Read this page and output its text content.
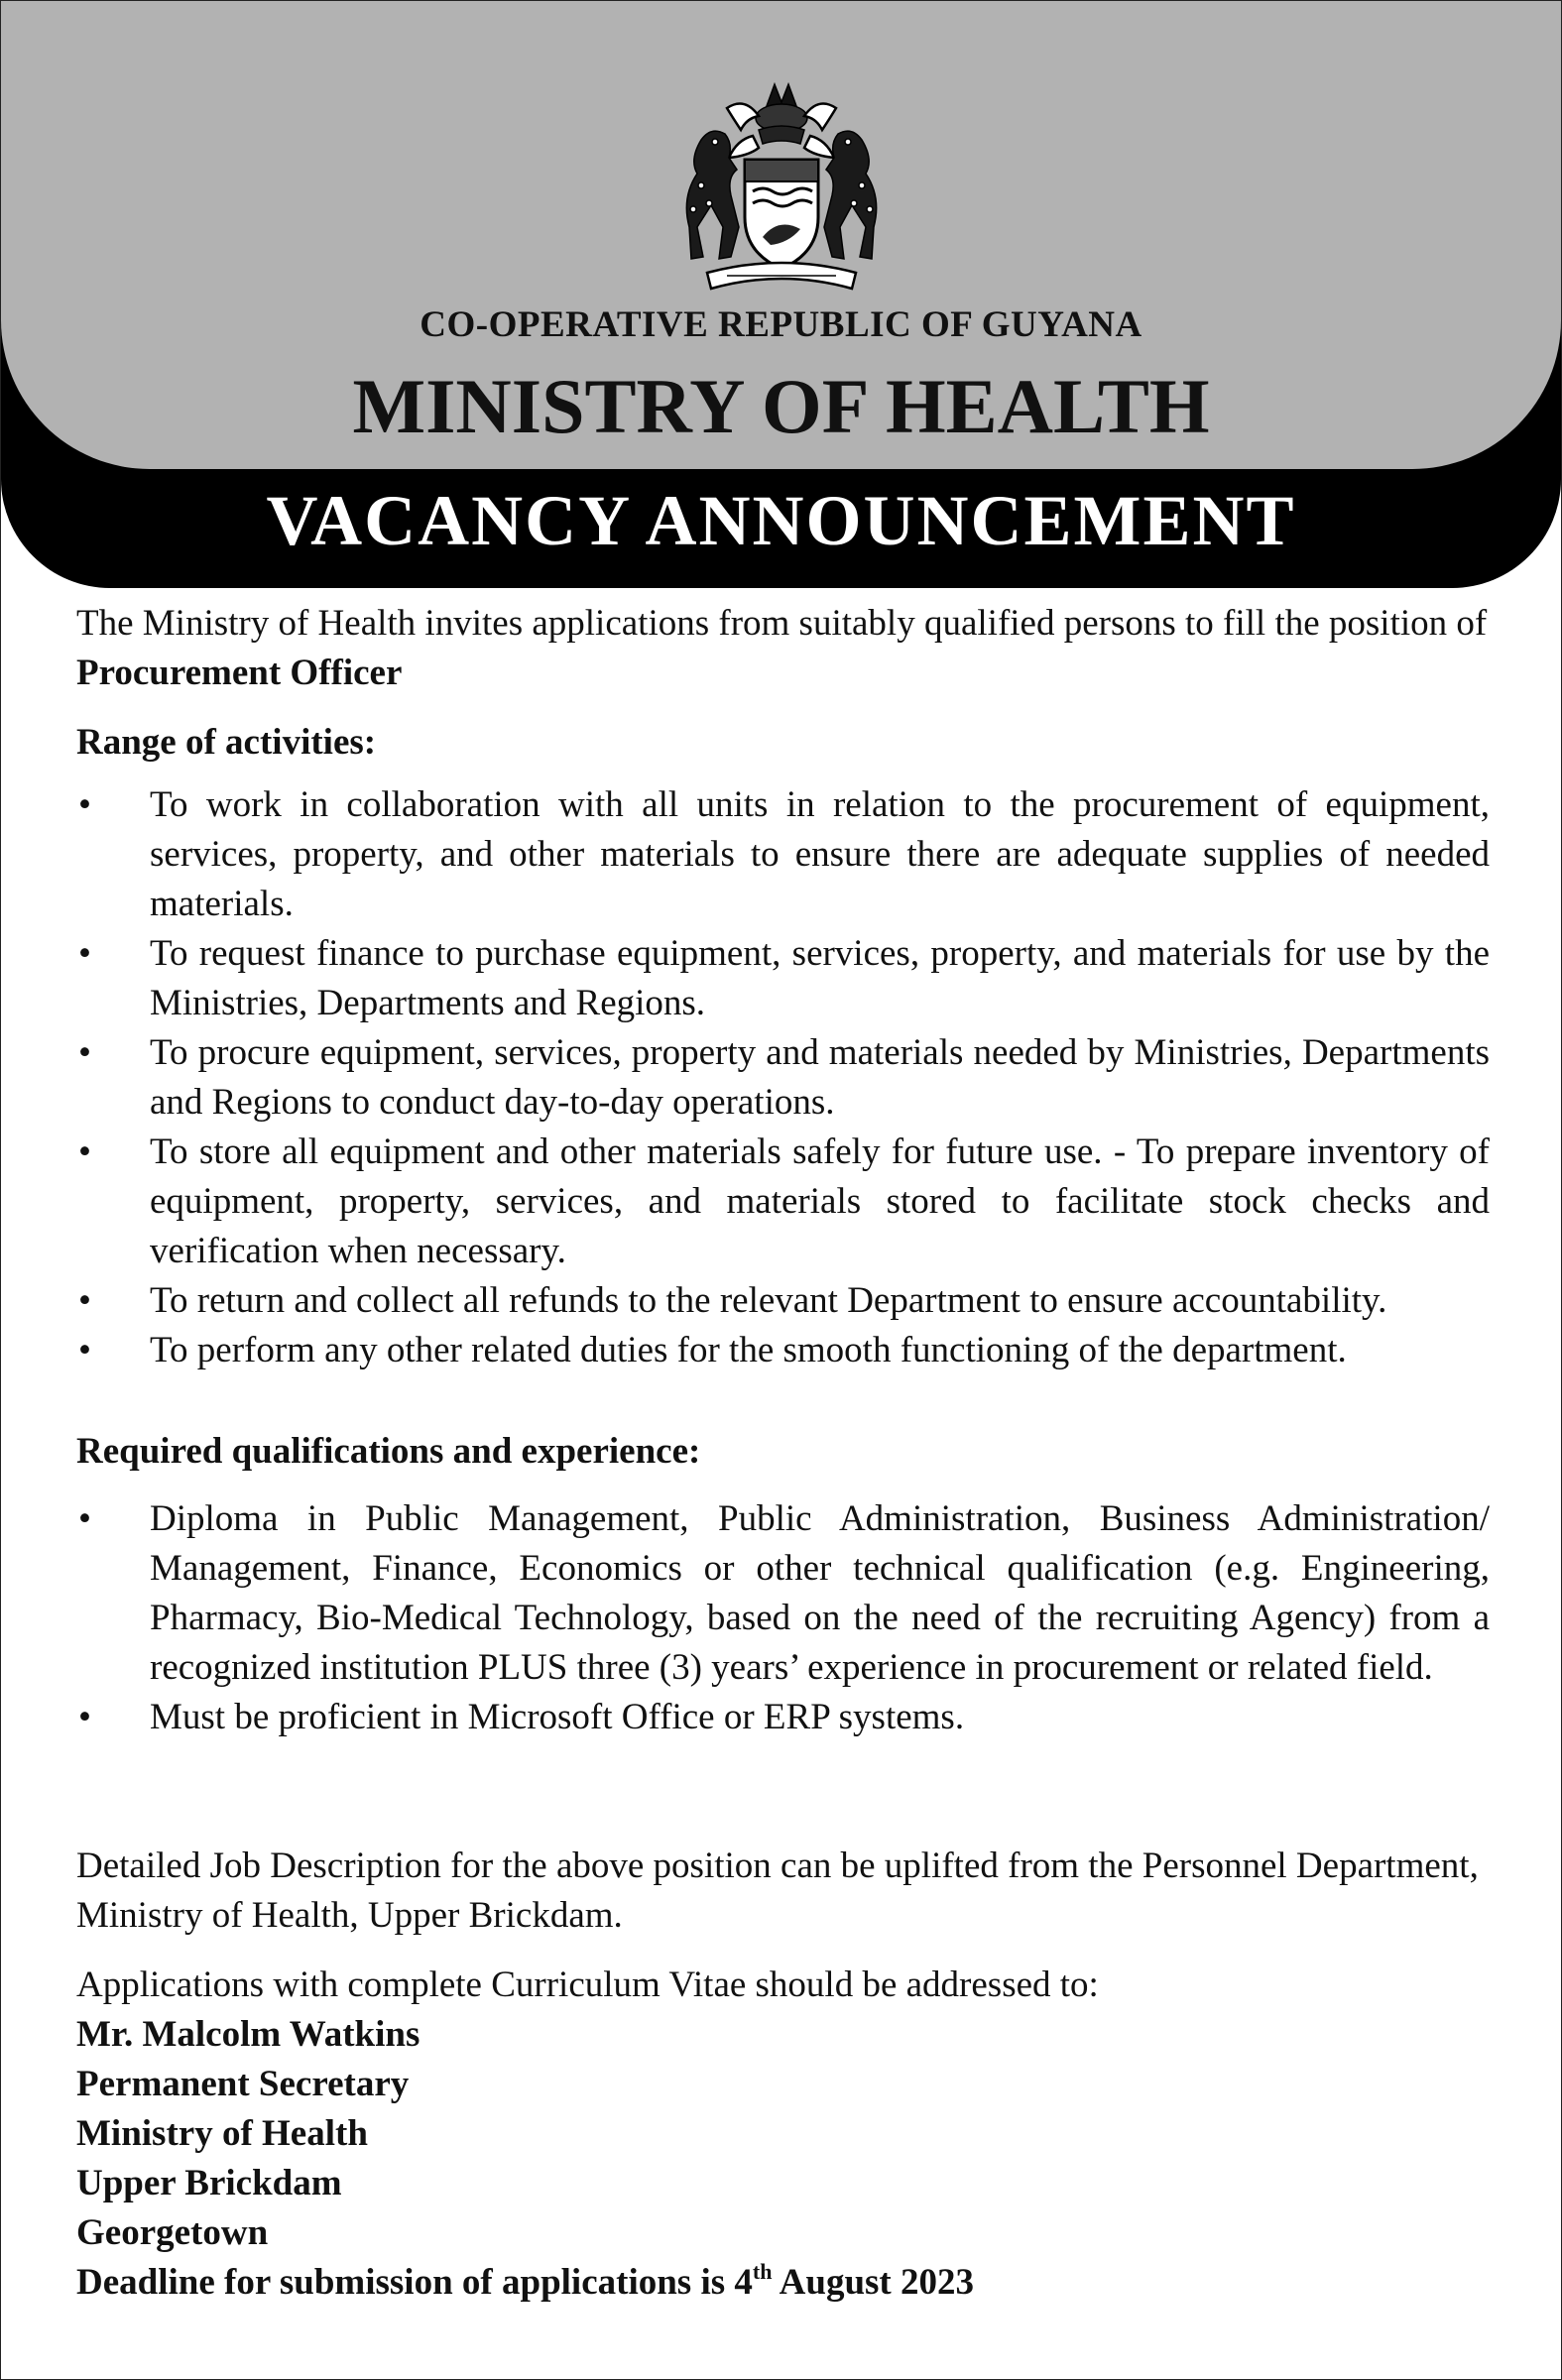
CO-OPERATIVE REPUBLIC OF GUYANA
MINISTRY OF HEALTH
VACANCY ANNOUNCEMENT
The Ministry of Health invites applications from suitably qualified persons to fill the position of Procurement Officer
Range of activities:
•	To work in collaboration with all units in relation to the procurement of equipment, services, property, and other materials to ensure there are adequate supplies of needed materials.
•	To request finance to purchase equipment, services, property, and materials for use by the Ministries, Departments and Regions.
•	To procure equipment, services, property and materials needed by Ministries, Departments and Regions to conduct day-to-day operations.
•	To store all equipment and other materials safely for future use. - To prepare inventory of equipment, property, services, and materials stored to facilitate stock checks and verification when necessary.
•	To return and collect all refunds to the relevant Department to ensure accountability.
•	To perform any other related duties for the smooth functioning of the department.
Required qualifications and experience:
•	Diploma in Public Management, Public Administration, Business Administration/ Management, Finance, Economics or other technical qualification (e.g. Engineering, Pharmacy, Bio-Medical Technology, based on the need of the recruiting Agency) from a recognized institution PLUS three (3) years’ experience in procurement or related field.
•	Must be proficient in Microsoft Office or ERP systems.
Detailed Job Description for the above position can be uplifted from the Personnel Department, Ministry of Health, Upper Brickdam.
Applications with complete Curriculum Vitae should be addressed to:
Mr. Malcolm Watkins
Permanent Secretary
Ministry of Health
Upper Brickdam
Georgetown
Deadline for submission of applications is 4th August 2023
